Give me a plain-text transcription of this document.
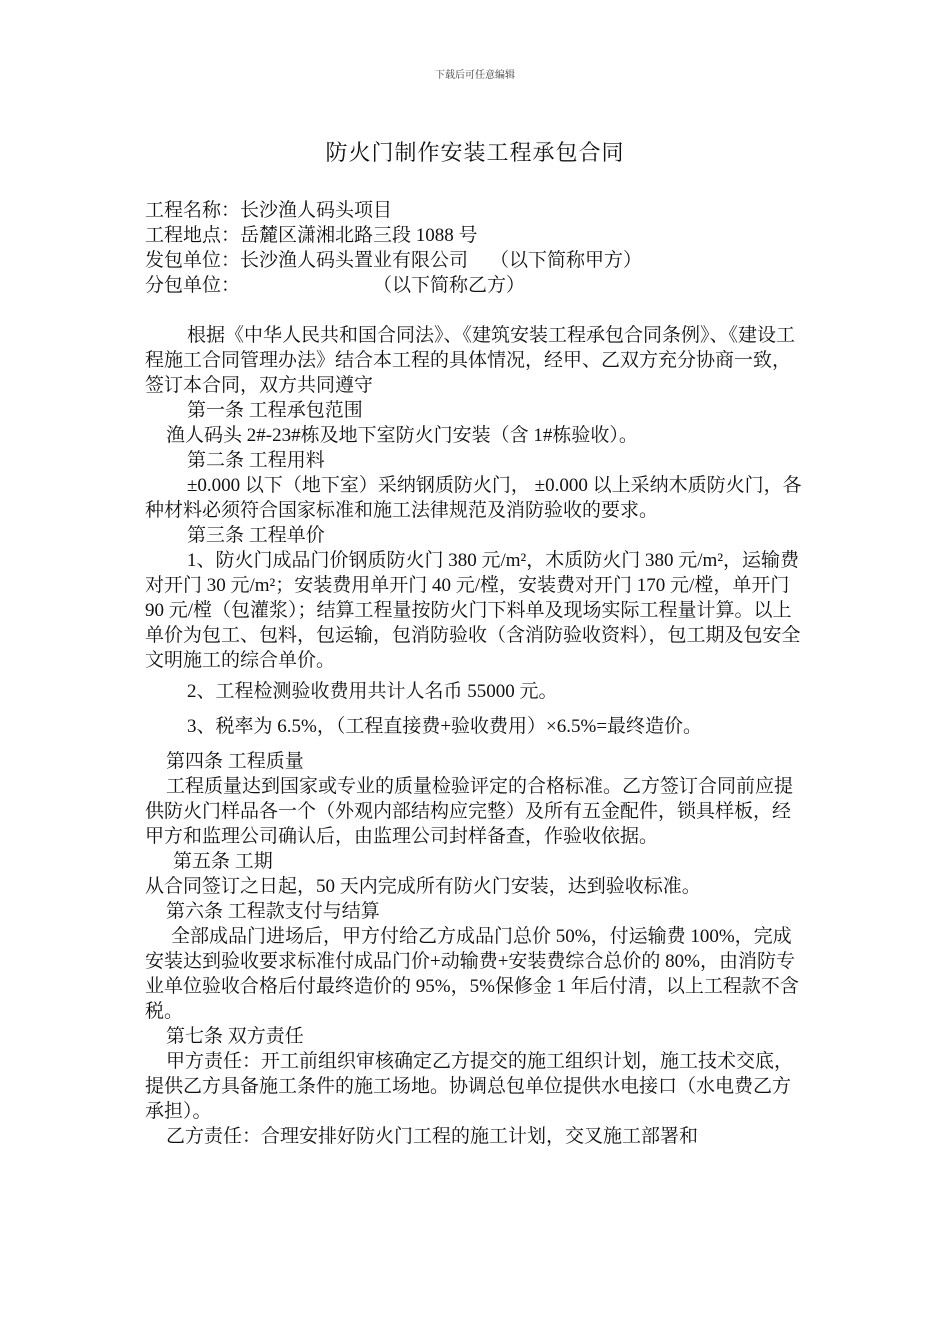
下载后可任意编辑
防火门制作安装工程承包合同

工程名称：长沙渔人码头项目

工程地点：岳麓区潇湘北路三段 1088 号

发包单位：长沙渔人码头置业有限公司 （以下简称甲方）

分包单位：	（以下简称乙方）

根据《中华人民共和国合同法》、《建筑安装工程承包合同条例》、《建设工程施工合同管理办法》结合本工程的具体情况，经甲、乙双方充分协商一致，签订本合同，双方共同遵守

第一条 工程承包范围

渔人码头 2#-23#栋及地下室防火门安装（含 1#栋验收）。

第二条 工程用料

±0.000 以下（地下室）采纳钢质防火门， ±0.000 以上采纳木质防火门，各种材料必须符合国家标准和施工法律规范及消防验收的要求。

第三条 工程单价

1、防火门成品门价钢质防火门 380 元/m²，木质防火门 380 元/m²，运输费对开门 30 元/m²；安装费用单开门 40 元/樘，安装费对开门 170 元/樘，单开门 90 元/樘（包灌浆）；结算工程量按防火门下料单及现场实际工程量计算。以上单价为包工、包料，包运输，包消防验收（含消防验收资料），包工期及包安全文明施工的综合单价。

2、工程检测验收费用共计人名币 55000 元。

3、税率为 6.5%，（工程直接费+验收费用）×6.5%=最终造价。

第四条 工程质量

工程质量达到国家或专业的质量检验评定的合格标准。乙方签订合同前应提供防火门样品各一个（外观内部结构应完整）及所有五金配件，锁具样板，经甲方和监理公司确认后，由监理公司封样备查，作验收依据。

第五条 工期

从合同签订之日起，50 天内完成所有防火门安装，达到验收标准。

第六条 工程款支付与结算

全部成品门进场后，甲方付给乙方成品门总价 50%，付运输费 100%，完成安装达到验收要求标准付成品门价+动输费+安装费综合总价的 80%，由消防专业单位验收合格后付最终造价的 95%，5%保修金 1 年后付清，以上工程款不含税。

第七条 双方责任

甲方责任：开工前组织审核确定乙方提交的施工组织计划，施工技术交底，提供乙方具备施工条件的施工场地。协调总包单位提供水电接口（水电费乙方承担）。

乙方责任：合理安排好防火门工程的施工计划，交叉施工部署和
